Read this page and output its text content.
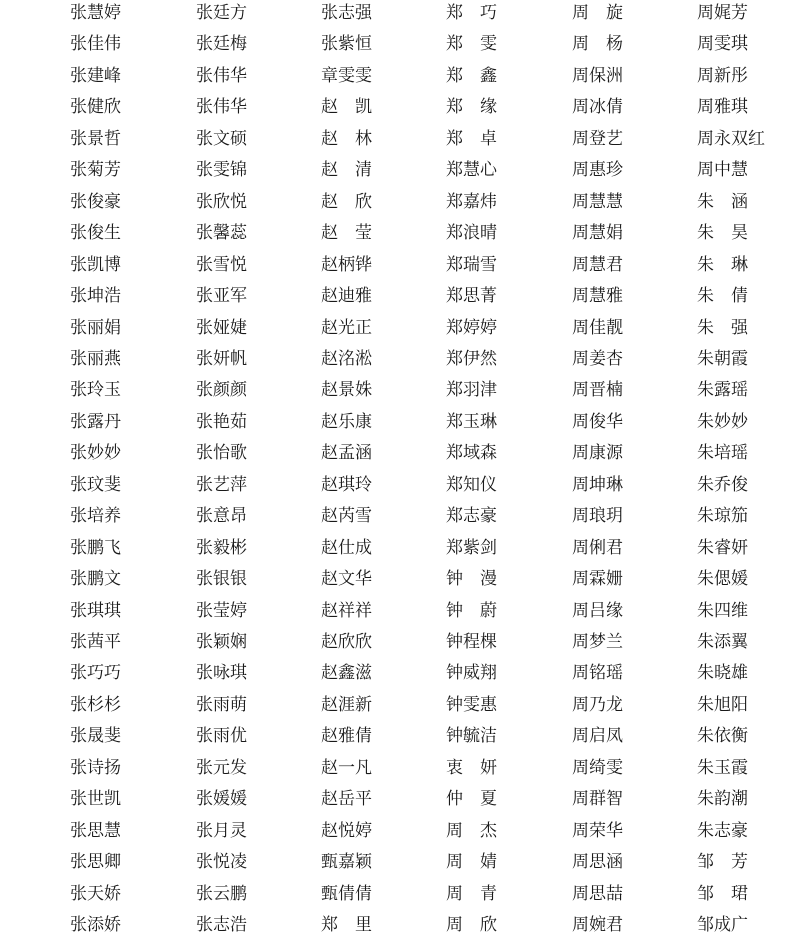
张慧婷
张佳伟
张建峰
张健欣
张景哲
张菊芳
张俊豪
张俊生
张凯博
张坤浩
张丽娟
张丽燕
张玲玉
张露丹
张妙妙
张玟斐
张培养
张鹏飞
张鹏文
张琪琪
张茜平
张巧巧
张杉杉
张晟斐
张诗扬
张世凯
张思慧
张思卿
张天娇
张添娇
张廷方
张廷梅
张伟华
张伟华
张文硕
张雯锦
张欣悦
张馨蕊
张雪悦
张亚军
张娅婕
张妍帆
张颜颜
张艳茹
张怡歌
张艺萍
张意昂
张毅彬
张银银
张莹婷
张颖娴
张咏琪
张雨萌
张雨优
张元发
张媛媛
张月灵
张悦凌
张云鹏
张志浩
张志强
张紫恒
章雯雯
赵　凯
赵　林
赵　清
赵　欣
赵　莹
赵柄铧
赵迪雅
赵光正
赵洺淞
赵景姝
赵乐康
赵孟涵
赵琪玲
赵芮雪
赵仕成
赵文华
赵祥祥
赵欣欣
赵鑫滋
赵涯新
赵雅倩
赵一凡
赵岳平
赵悦婷
甄嘉颖
甄倩倩
郑　里
郑　巧
郑　雯
郑　鑫
郑　缘
郑　卓
郑慧心
郑嘉炜
郑浪晴
郑瑞雪
郑思菁
郑婷婷
郑伊然
郑羽津
郑玉琳
郑域森
郑知仪
郑志豪
郑紫剑
钟　漫
钟　蔚
钟程棵
钟威翔
钟雯惠
钟毓洁
衷　妍
仲　夏
周　杰
周　婧
周　青
周　欣
周　旋
周　杨
周保洲
周冰倩
周登艺
周惠珍
周慧慧
周慧娟
周慧君
周慧雅
周佳靓
周姜杏
周晋楠
周俊华
周康源
周坤琳
周琅玥
周俐君
周霖姗
周吕缘
周梦兰
周铭瑶
周乃龙
周启凤
周绮雯
周群智
周荣华
周思涵
周思喆
周婉君
周娓芳
周雯琪
周新彤
周雅琪
周永双红
周中慧
朱　涵
朱　昊
朱　琳
朱　倩
朱　强
朱朝霞
朱露瑶
朱妙妙
朱培瑶
朱乔俊
朱琼笳
朱睿妍
朱偲媛
朱四维
朱添翼
朱晓雄
朱旭阳
朱依衡
朱玉霞
朱韵潮
朱志豪
邹　芳
邹　珺
邹成广
